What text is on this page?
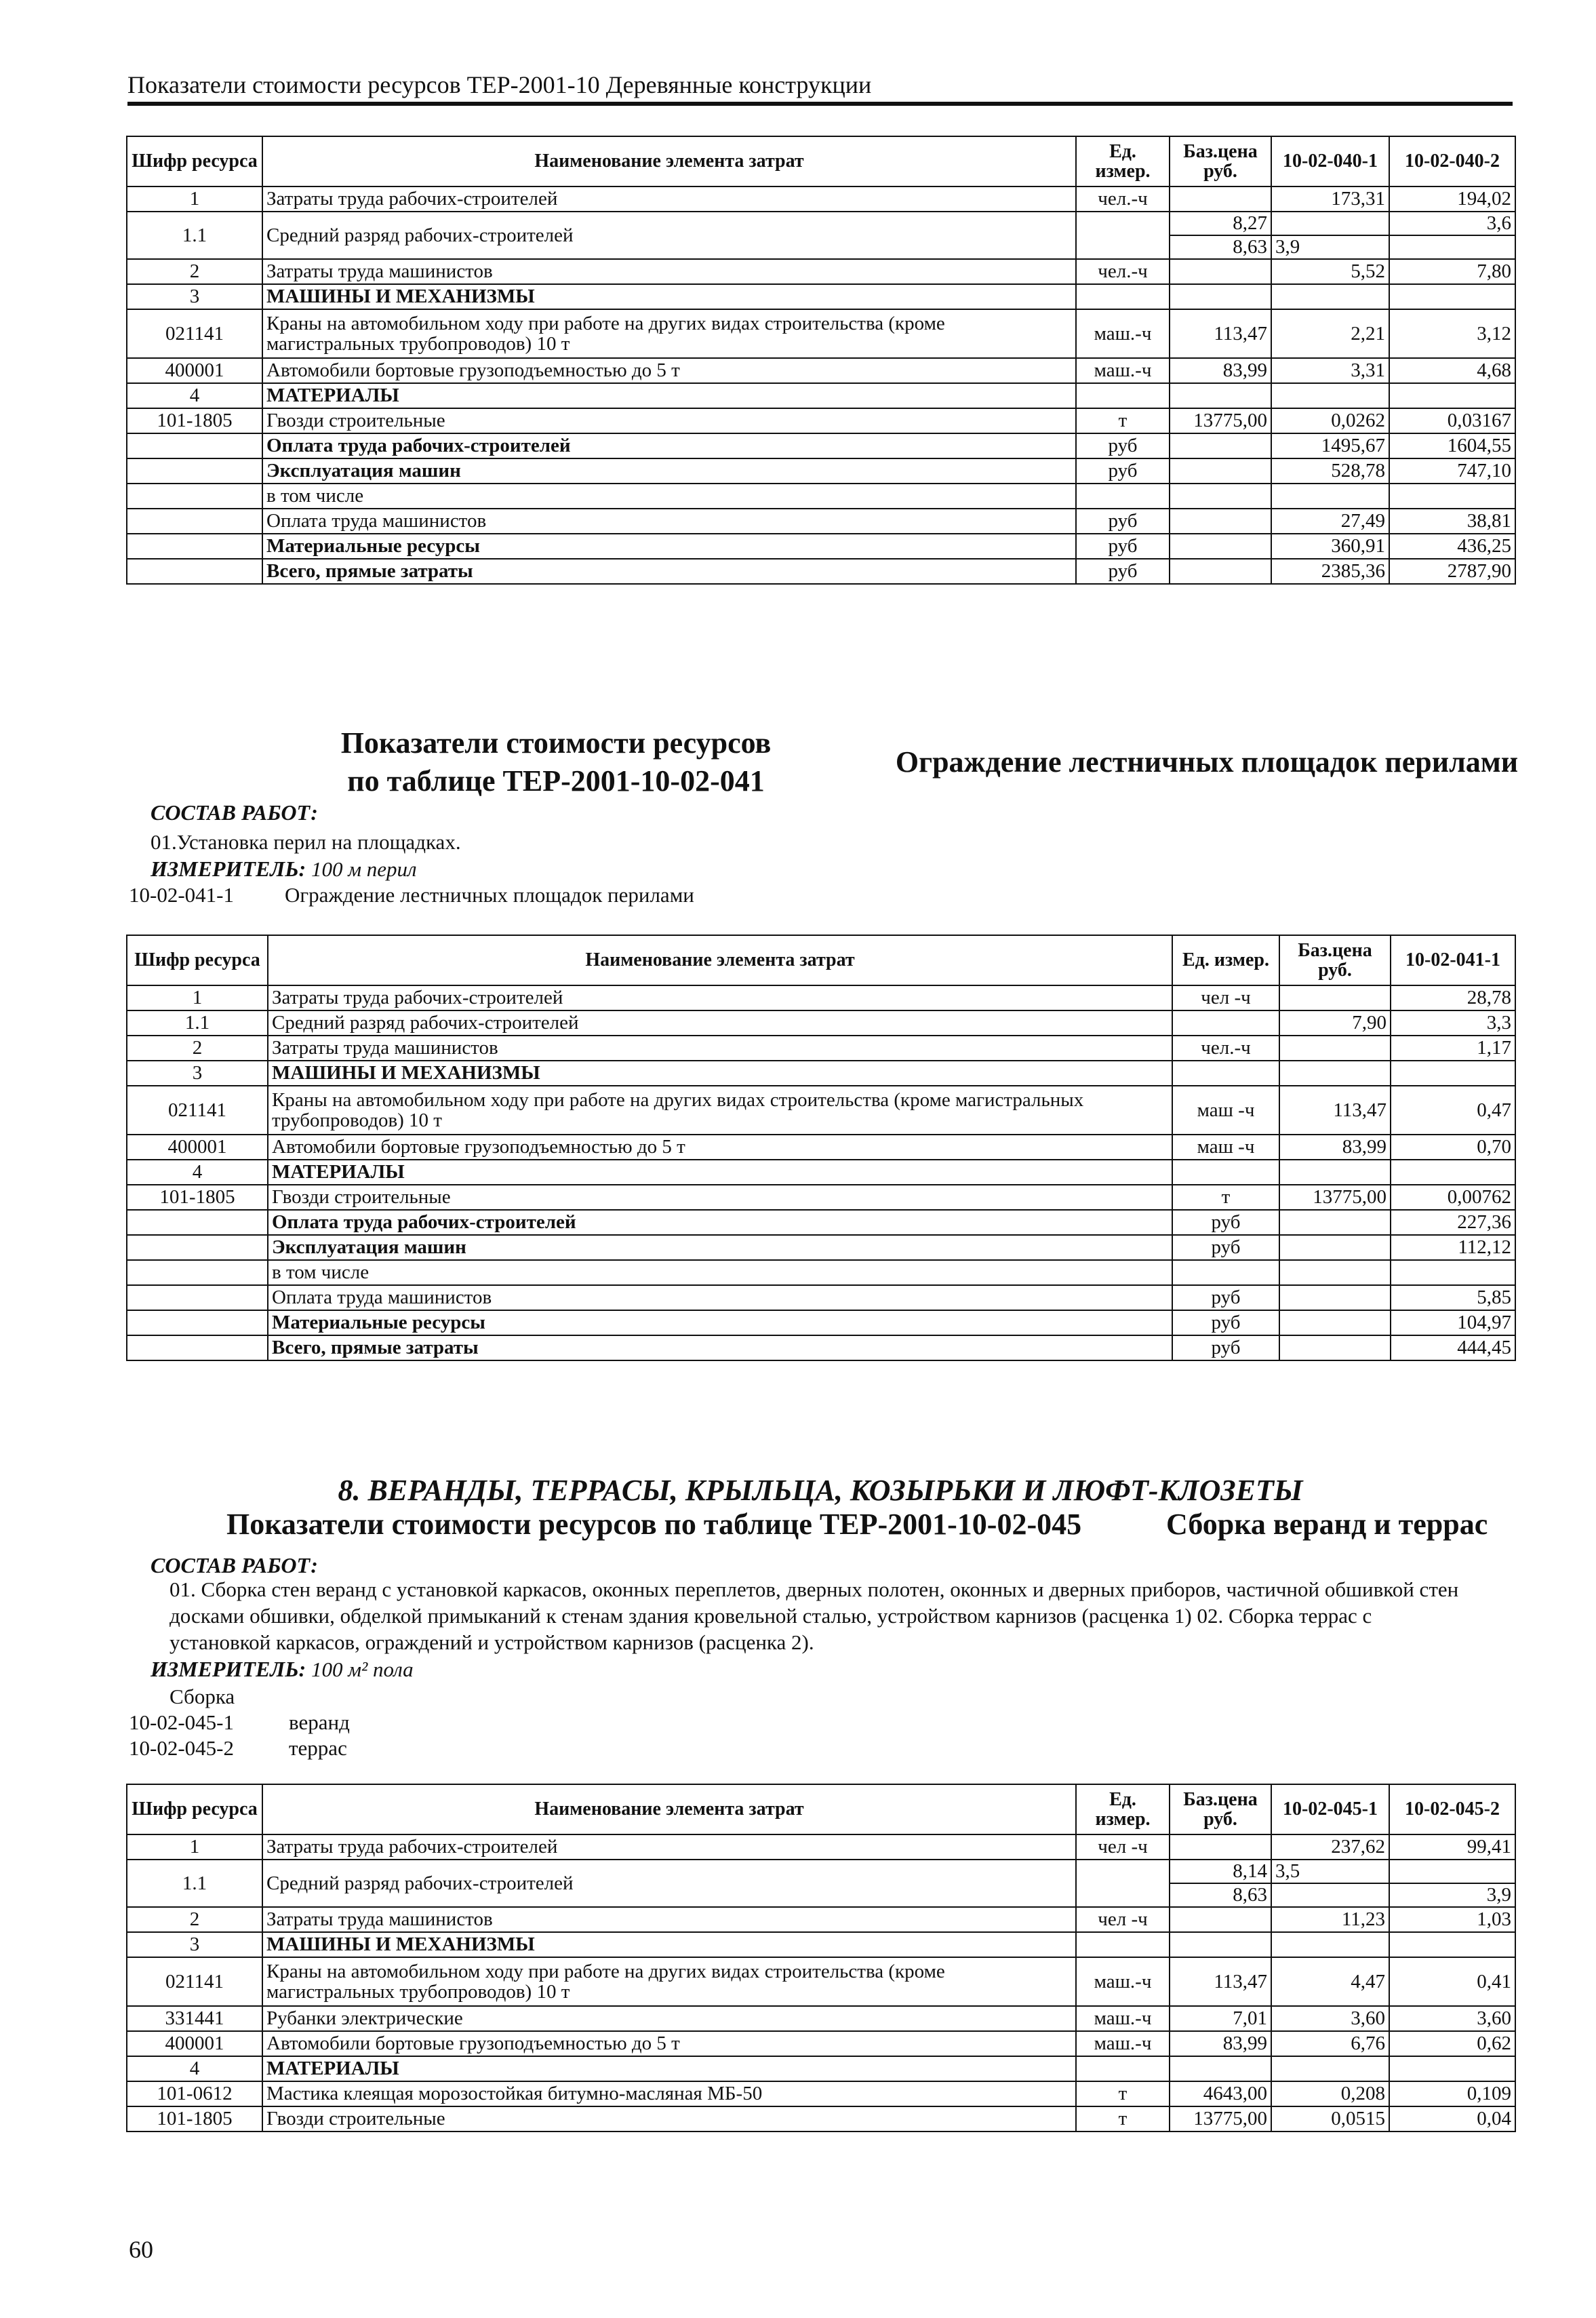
Показатели стоимости ресурсов ТЕР-2001-10 Деревянные конструкции
Шифр ресурса	Наименование элемента затрат	Ед. измер.	Баз.цена руб.	10-02-040-1	10-02-040-2
1	Затраты труда рабочих-строителей	чел.-ч		173,31	194,02
1.1	Средний разряд рабочих-строителей		8,27		3,6
			8,63	3,9	
2	Затраты труда машинистов	чел.-ч		5,52	7,80
3	МАШИНЫ И МЕХАНИЗМЫ				
021141	Краны на автомобильном ходу при работе на других видах строительства (кроме магистральных трубопроводов) 10 т	маш.-ч	113,47	2,21	3,12
400001	Автомобили бортовые грузоподъемностью до 5 т	маш.-ч	83,99	3,31	4,68
4	МАТЕРИАЛЫ				
101-1805	Гвозди строительные	т	13775,00	0,0262	0,03167
	Оплата труда рабочих-строителей	руб		1495,67	1604,55
	Эксплуатация машин	руб		528,78	747,10
	в том числе				
	Оплата труда машинистов	руб		27,49	38,81
	Материальные ресурсы	руб		360,91	436,25
	Всего, прямые затраты	руб		2385,36	2787,90
Показатели стоимости ресурсов
по таблице ТЕР-2001-10-02-041
Ограждение лестничных площадок перилами
СОСТАВ РАБОТ:
01.Установка перил на площадках.
ИЗМЕРИТЕЛЬ: 100 м перил
10-02-041-1 Ограждение лестничных площадок перилами
Шифр ресурса	Наименование элемента затрат	Ед. измер.	Баз.цена руб.	10-02-041-1
1	Затраты труда рабочих-строителей	чел -ч		28,78
1.1	Средний разряд рабочих-строителей		7,90	3,3
2	Затраты труда машинистов	чел.-ч		1,17
3	МАШИНЫ И МЕХАНИЗМЫ			
021141	Краны на автомобильном ходу при работе на других видах строительства (кроме магистральных трубопроводов) 10 т	маш -ч	113,47	0,47
400001	Автомобили бортовые грузоподъемностью до 5 т	маш -ч	83,99	0,70
4	МАТЕРИАЛЫ			
101-1805	Гвозди строительные	т	13775,00	0,00762
	Оплата труда рабочих-строителей	руб		227,36
	Эксплуатация машин	руб		112,12
	в том числе			
	Оплата труда машинистов	руб		5,85
	Материальные ресурсы	руб		104,97
	Всего, прямые затраты	руб		444,45
8. ВЕРАНДЫ, ТЕРРАСЫ, КРЫЛЬЦА, КОЗЫРЬКИ И ЛЮФТ-КЛОЗЕТЫ
Показатели стоимости ресурсов по таблице ТЕР-2001-10-02-045	Сборка веранд и террас
СОСТАВ РАБОТ:
01. Сборка стен веранд с установкой каркасов, оконных переплетов, дверных полотен, оконных и дверных приборов, частичной обшивкой стен досками обшивки, обделкой примыканий к стенам здания кровельной сталью, устройством карнизов (расценка 1) 02. Сборка террас с установкой каркасов, ограждений и устройством карнизов (расценка 2).
ИЗМЕРИТЕЛЬ: 100 м² пола
Сборка
10-02-045-1	веранд
10-02-045-2	террас
Шифр ресурса	Наименование элемента затрат	Ед. измер.	Баз.цена руб.	10-02-045-1	10-02-045-2
1	Затраты труда рабочих-строителей	чел -ч		237,62	99,41
1.1	Средний разряд рабочих-строителей		8,14	3,5	
			8,63		3,9
2	Затраты труда машинистов	чел -ч		11,23	1,03
3	МАШИНЫ И МЕХАНИЗМЫ				
021141	Краны на автомобильном ходу при работе на других видах строительства (кроме магистральных трубопроводов) 10 т	маш.-ч	113,47	4,47	0,41
331441	Рубанки электрические	маш.-ч	7,01	3,60	3,60
400001	Автомобили бортовые грузоподъемностью до 5 т	маш.-ч	83,99	6,76	0,62
4	МАТЕРИАЛЫ				
101-0612	Мастика клеящая морозостойкая битумно-масляная МБ-50	т	4643,00	0,208	0,109
101-1805	Гвозди строительные	т	13775,00	0,0515	0,04
60
